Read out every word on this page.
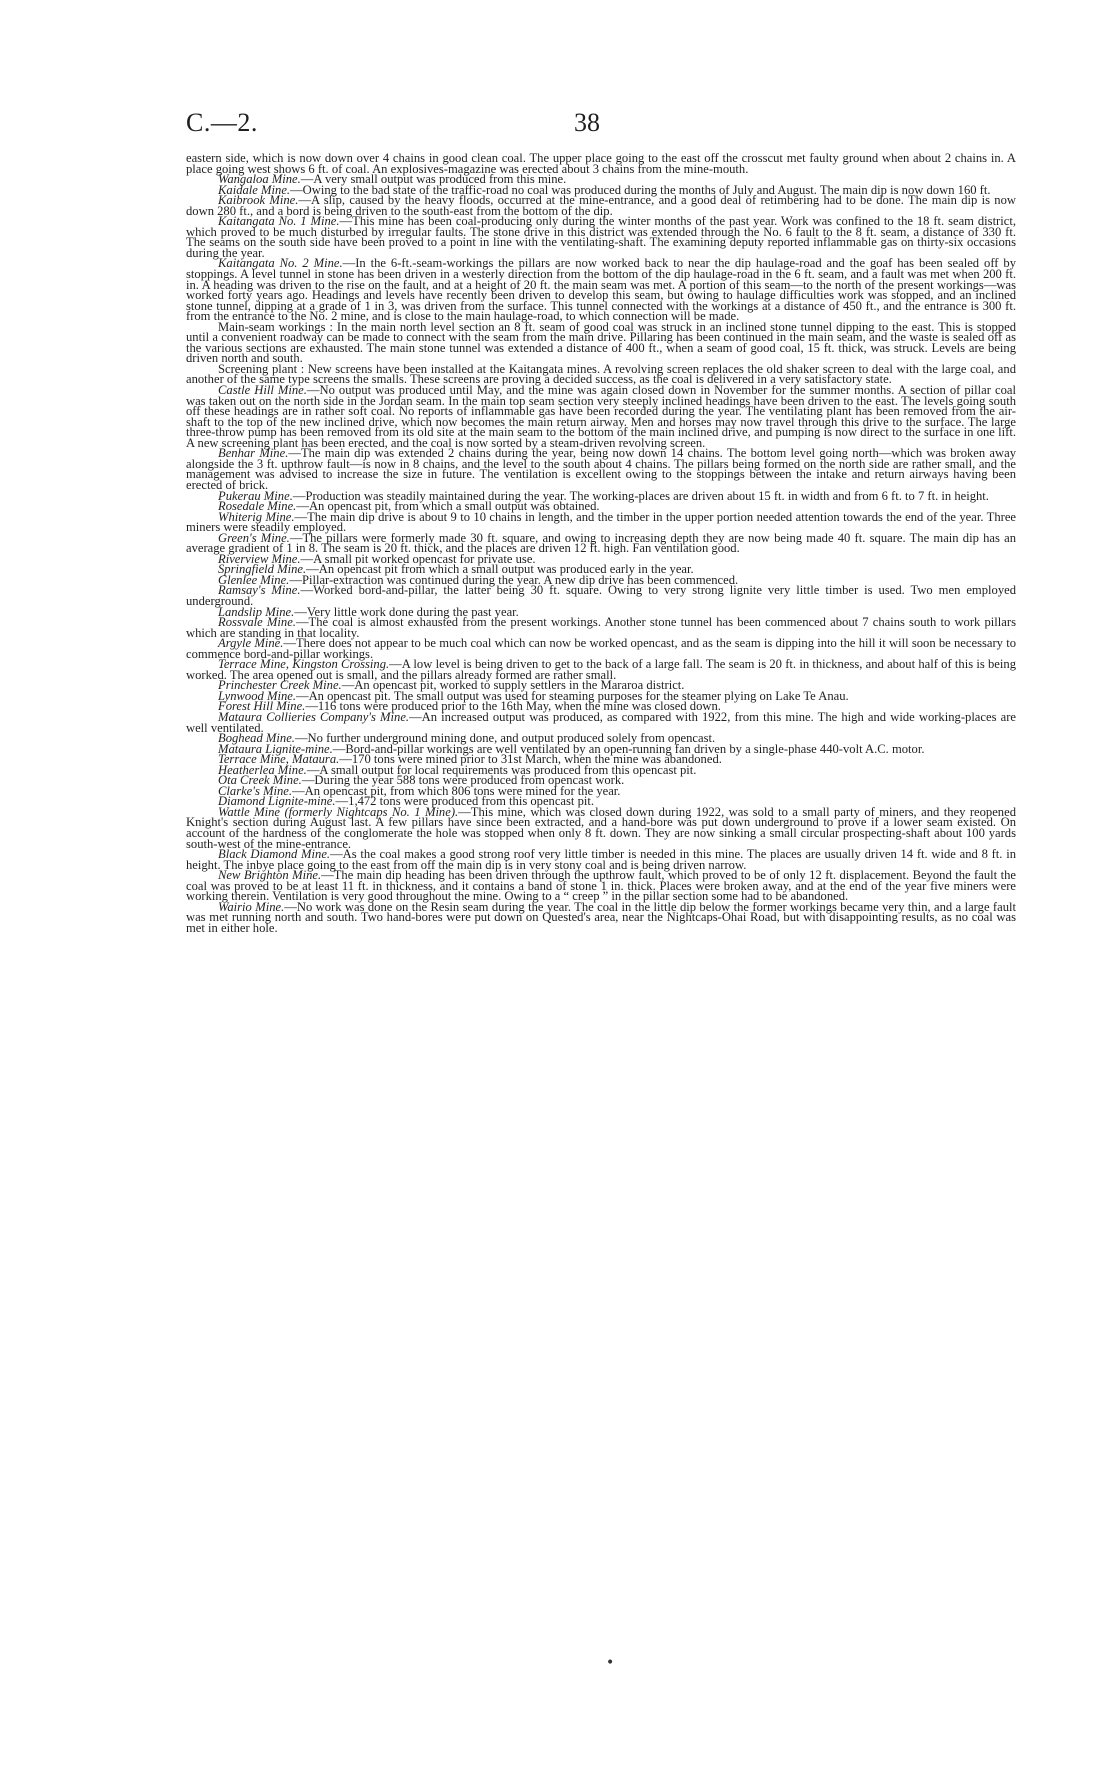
C.—2.	38

eastern side, which is now down over 4 chains in good clean coal. The upper place going to the east off the crosscut met faulty ground when about 2 chains in. A place going west shows 6 ft. of coal. An explosives-magazine was erected about 3 chains from the mine-mouth.

Wangaloa Mine.—A very small output was produced from this mine.

Kaidale Mine.—Owing to the bad state of the traffic-road no coal was produced during the months of July and August. The main dip is now down 160 ft.

Kaibrook Mine.—A slip, caused by the heavy floods, occurred at the mine-entrance, and a good deal of retimbering had to be done. The main dip is now down 280 ft., and a bord is being driven to the south-east from the bottom of the dip.

Kaitangata No. 1 Mine.—This mine has been coal-producing only during the winter months of the past year. Work was confined to the 18 ft. seam district, which proved to be much disturbed by irregular faults. The stone drive in this district was extended through the No. 6 fault to the 8 ft. seam, a distance of 330 ft. The seams on the south side have been proved to a point in line with the ventilating-shaft. The examining deputy reported inflammable gas on thirty-six occasions during the year.

Kaitangata No. 2 Mine.—In the 6-ft.-seam-workings the pillars are now worked back to near the dip haulage-road and the goaf has been sealed off by stoppings. A level tunnel in stone has been driven in a westerly direction from the bottom of the dip haulage-road in the 6 ft. seam, and a fault was met when 200 ft. in. A heading was driven to the rise on the fault, and at a height of 20 ft. the main seam was met. A portion of this seam—to the north of the present workings—was worked forty years ago. Headings and levels have recently been driven to develop this seam, but owing to haulage difficulties work was stopped, and an inclined stone tunnel, dipping at a grade of 1 in 3, was driven from the surface. This tunnel connected with the workings at a distance of 450 ft., and the entrance is 300 ft. from the entrance to the No. 2 mine, and is close to the main haulage-road, to which connection will be made.

Main-seam workings : In the main north level section an 8 ft. seam of good coal was struck in an inclined stone tunnel dipping to the east. This is stopped until a convenient roadway can be made to connect with the seam from the main drive. Pillaring has been continued in the main seam, and the waste is sealed off as the various sections are exhausted. The main stone tunnel was extended a distance of 400 ft., when a seam of good coal, 15 ft. thick, was struck. Levels are being driven north and south.

Screening plant : New screens have been installed at the Kaitangata mines. A revolving screen replaces the old shaker screen to deal with the large coal, and another of the same type screens the smalls. These screens are proving a decided success, as the coal is delivered in a very satisfactory state.

Castle Hill Mine.—No output was produced until May, and the mine was again closed down in November for the summer months. A section of pillar coal was taken out on the north side in the Jordan seam. In the main top seam section very steeply inclined headings have been driven to the east. The levels going south off these headings are in rather soft coal. No reports of inflammable gas have been recorded during the year. The ventilating plant has been removed from the air-shaft to the top of the new inclined drive, which now becomes the main return airway. Men and horses may now travel through this drive to the surface. The large three-throw pump has been removed from its old site at the main seam to the bottom of the main inclined drive, and pumping is now direct to the surface in one lift. A new screening plant has been erected, and the coal is now sorted by a steam-driven revolving screen.

Benhar Mine.—The main dip was extended 2 chains during the year, being now down 14 chains. The bottom level going north—which was broken away alongside the 3 ft. upthrow fault—is now in 8 chains, and the level to the south about 4 chains. The pillars being formed on the north side are rather small, and the management was advised to increase the size in future. The ventilation is excellent owing to the stoppings between the intake and return airways having been erected of brick.

Pukerau Mine.—Production was steadily maintained during the year. The working-places are driven about 15 ft. in width and from 6 ft. to 7 ft. in height.

Rosedale Mine.—An opencast pit, from which a small output was obtained.

Whiterig Mine.—The main dip drive is about 9 to 10 chains in length, and the timber in the upper portion needed attention towards the end of the year. Three miners were steadily employed.

Green's Mine.—The pillars were formerly made 30 ft. square, and owing to increasing depth they are now being made 40 ft. square. The main dip has an average gradient of 1 in 8. The seam is 20 ft. thick, and the places are driven 12 ft. high. Fan ventilation good.

Riverview Mine.—A small pit worked opencast for private use.

Springfield Mine.—An opencast pit from which a small output was produced early in the year.

Glenlee Mine.—Pillar-extraction was continued during the year. A new dip drive has been commenced.

Ramsay's Mine.—Worked bord-and-pillar, the latter being 30 ft. square. Owing to very strong lignite very little timber is used. Two men employed underground.

Landslip Mine.—Very little work done during the past year.

Rossvale Mine.—The coal is almost exhausted from the present workings. Another stone tunnel has been commenced about 7 chains south to work pillars which are standing in that locality.

Argyle Mine.—There does not appear to be much coal which can now be worked opencast, and as the seam is dipping into the hill it will soon be necessary to commence bord-and-pillar workings.

Terrace Mine, Kingston Crossing.—A low level is being driven to get to the back of a large fall. The seam is 20 ft. in thickness, and about half of this is being worked. The area opened out is small, and the pillars already formed are rather small.

Princhester Creek Mine.—An opencast pit, worked to supply settlers in the Mararoa district.

Lynwood Mine.—An opencast pit. The small output was used for steaming purposes for the steamer plying on Lake Te Anau.

Forest Hill Mine.—116 tons were produced prior to the 16th May, when the mine was closed down.

Mataura Collieries Company's Mine.—An increased output was produced, as compared with 1922, from this mine. The high and wide working-places are well ventilated.

Boghead Mine.—No further underground mining done, and output produced solely from opencast.

Mataura Lignite-mine.—Bord-and-pillar workings are well ventilated by an open-running fan driven by a single-phase 440-volt A.C. motor.

Terrace Mine, Mataura.—170 tons were mined prior to 31st March, when the mine was abandoned.

Heatherlea Mine.—A small output for local requirements was produced from this opencast pit.

Ota Creek Mine.—During the year 588 tons were produced from opencast work.

Clarke's Mine.—An opencast pit, from which 806 tons were mined for the year.

Diamond Lignite-mine.—1,472 tons were produced from this opencast pit.

Wattle Mine (formerly Nightcaps No. 1 Mine).—This mine, which was closed down during 1922, was sold to a small party of miners, and they reopened Knight's section during August last. A few pillars have since been extracted, and a hand-bore was put down underground to prove if a lower seam existed. On account of the hardness of the conglomerate the hole was stopped when only 8 ft. down. They are now sinking a small circular prospecting-shaft about 100 yards south-west of the mine-entrance.

Black Diamond Mine.—As the coal makes a good strong roof very little timber is needed in this mine. The places are usually driven 14 ft. wide and 8 ft. in height. The inbye place going to the east from off the main dip is in very stony coal and is being driven narrow.

New Brighton Mine.—The main dip heading has been driven through the upthrow fault, which proved to be of only 12 ft. displacement. Beyond the fault the coal was proved to be at least 11 ft. in thickness, and it contains a band of stone 1 in. thick. Places were broken away, and at the end of the year five miners were working therein. Ventilation is very good throughout the mine. Owing to a “ creep ” in the pillar section some had to be abandoned.

Wairio Mine.—No work was done on the Resin seam during the year. The coal in the little dip below the former workings became very thin, and a large fault was met running north and south. Two hand-bores were put down on Quested's area, near the Nightcaps-Ohai Road, but with disappointing results, as no coal was met in either hole.

•
